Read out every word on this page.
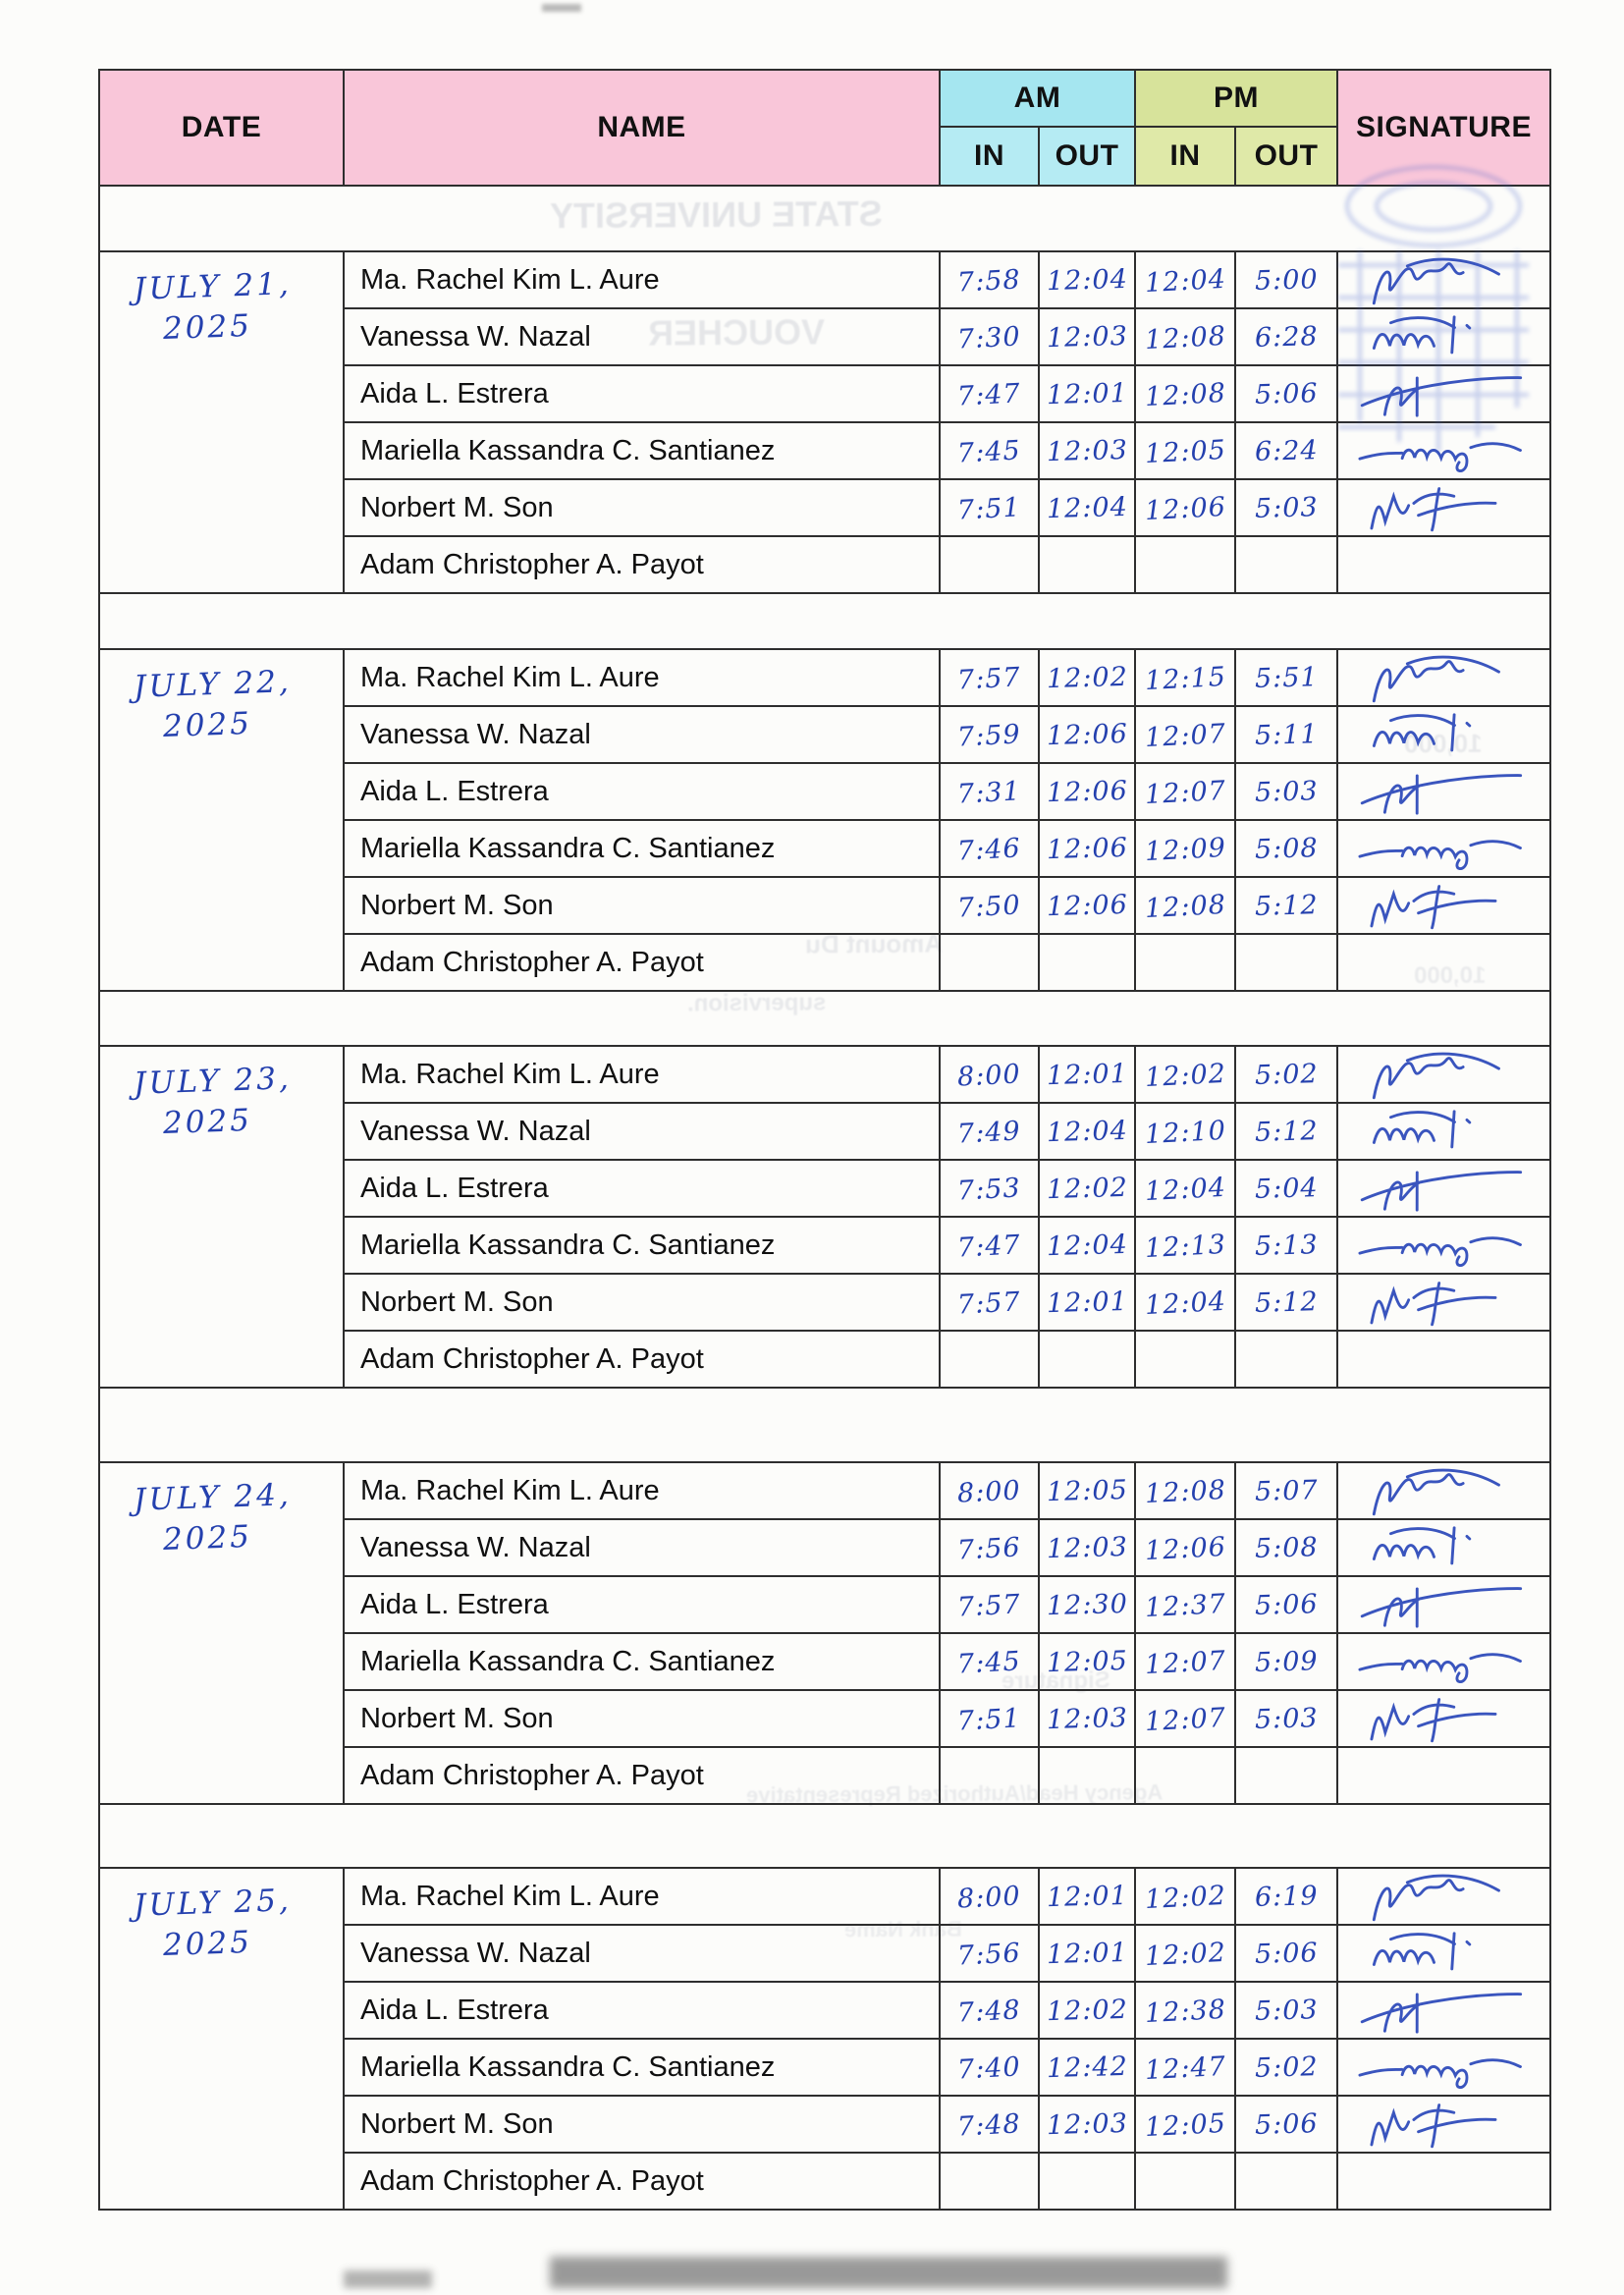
STATE UNIVERSITY
VOUCHER
10,000
Amount Du
supervision.
10,000
Signature
Agency Head/Authorized Representative
Bank Name
DATE	NAME
AM	PM
SIGNATURE
IN	OUT	IN	OUT
JULY 21,
2025
Ma. Rachel Kim L. Aure	7:58 12:04 12:04 5:00
Vanessa W. Nazal	7:30 12:03 12:08 6:28
Aida L. Estrera	7:47 12:01 12:08 5:06
Mariella Kassandra C. Santianez	7:45 12:03 12:05 6:24
Norbert M. Son	7:51 12:04 12:06 5:03
Adam Christopher A. Payot
JULY 22,
2025
Ma. Rachel Kim L. Aure	7:57 12:02 12:15 5:51
Vanessa W. Nazal	7:59 12:06 12:07 5:11
Aida L. Estrera	7:31 12:06 12:07 5:03
Mariella Kassandra C. Santianez	7:46 12:06 12:09 5:08
Norbert M. Son	7:50 12:06 12:08 5:12
Adam Christopher A. Payot
JULY 23,
2025
Ma. Rachel Kim L. Aure	8:00 12:01 12:02 5:02
Vanessa W. Nazal	7:49 12:04 12:10 5:12
Aida L. Estrera	7:53 12:02 12:04 5:04
Mariella Kassandra C. Santianez	7:47 12:04 12:13 5:13
Norbert M. Son	7:57 12:01 12:04 5:12
Adam Christopher A. Payot
JULY 24,
2025
Ma. Rachel Kim L. Aure	8:00 12:05 12:08 5:07
Vanessa W. Nazal	7:56 12:03 12:06 5:08
Aida L. Estrera	7:57 12:30 12:37 5:06
Mariella Kassandra C. Santianez	7:45 12:05 12:07 5:09
Norbert M. Son	7:51 12:03 12:07 5:03
Adam Christopher A. Payot
JULY 25,
2025
Ma. Rachel Kim L. Aure	8:00 12:01 12:02 6:19
Vanessa W. Nazal	7:56 12:01 12:02 5:06
Aida L. Estrera	7:48 12:02 12:38 5:03
Mariella Kassandra C. Santianez	7:40 12:42 12:47 5:02
Norbert M. Son	7:48 12:03 12:05 5:06
Adam Christopher A. Payot
